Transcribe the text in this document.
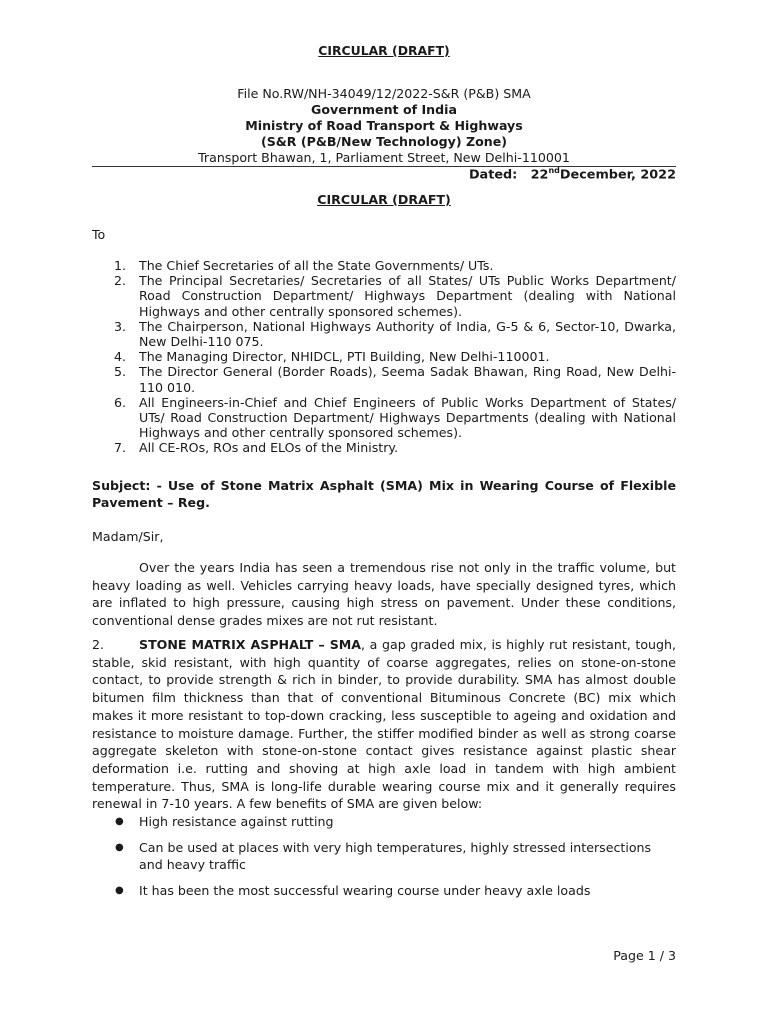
CIRCULAR (DRAFT)
File No.RW/NH-34049/12/2022-S&R (P&B) SMA
Government of India
Ministry of Road Transport & Highways
(S&R (P&B/New Technology) Zone)
Transport Bhawan, 1, Parliament Street, New Delhi-110001
Dated: 22ndDecember, 2022
CIRCULAR (DRAFT)
To
1. The Chief Secretaries of all the State Governments/ UTs.
2. The Principal Secretaries/ Secretaries of all States/ UTs Public Works Department/ Road Construction Department/ Highways Department (dealing with National Highways and other centrally sponsored schemes).
3. The Chairperson, National Highways Authority of India, G-5 & 6, Sector-10, Dwarka, New Delhi-110 075.
4. The Managing Director, NHIDCL, PTI Building, New Delhi-110001.
5. The Director General (Border Roads), Seema Sadak Bhawan, Ring Road, New Delhi-110 010.
6. All Engineers-in-Chief and Chief Engineers of Public Works Department of States/ UTs/ Road Construction Department/ Highways Departments (dealing with National Highways and other centrally sponsored schemes).
7. All CE-ROs, ROs and ELOs of the Ministry.
Subject: - Use of Stone Matrix Asphalt (SMA) Mix in Wearing Course of Flexible Pavement – Reg.
Madam/Sir,
Over the years India has seen a tremendous rise not only in the traffic volume, but heavy loading as well. Vehicles carrying heavy loads, have specially designed tyres, which are inflated to high pressure, causing high stress on pavement. Under these conditions, conventional dense grades mixes are not rut resistant.
2.	STONE MATRIX ASPHALT – SMA, a gap graded mix, is highly rut resistant, tough, stable, skid resistant, with high quantity of coarse aggregates, relies on stone-on-stone contact, to provide strength & rich in binder, to provide durability. SMA has almost double bitumen film thickness than that of conventional Bituminous Concrete (BC) mix which makes it more resistant to top-down cracking, less susceptible to ageing and oxidation and resistance to moisture damage. Further, the stiffer modified binder as well as strong coarse aggregate skeleton with stone-on-stone contact gives resistance against plastic shear deformation i.e. rutting and shoving at high axle load in tandem with high ambient temperature. Thus, SMA is long-life durable wearing course mix and it generally requires renewal in 7-10 years. A few benefits of SMA are given below:
● High resistance against rutting
● Can be used at places with very high temperatures, highly stressed intersections and heavy traffic
● It has been the most successful wearing course under heavy axle loads
Page 1 / 3
